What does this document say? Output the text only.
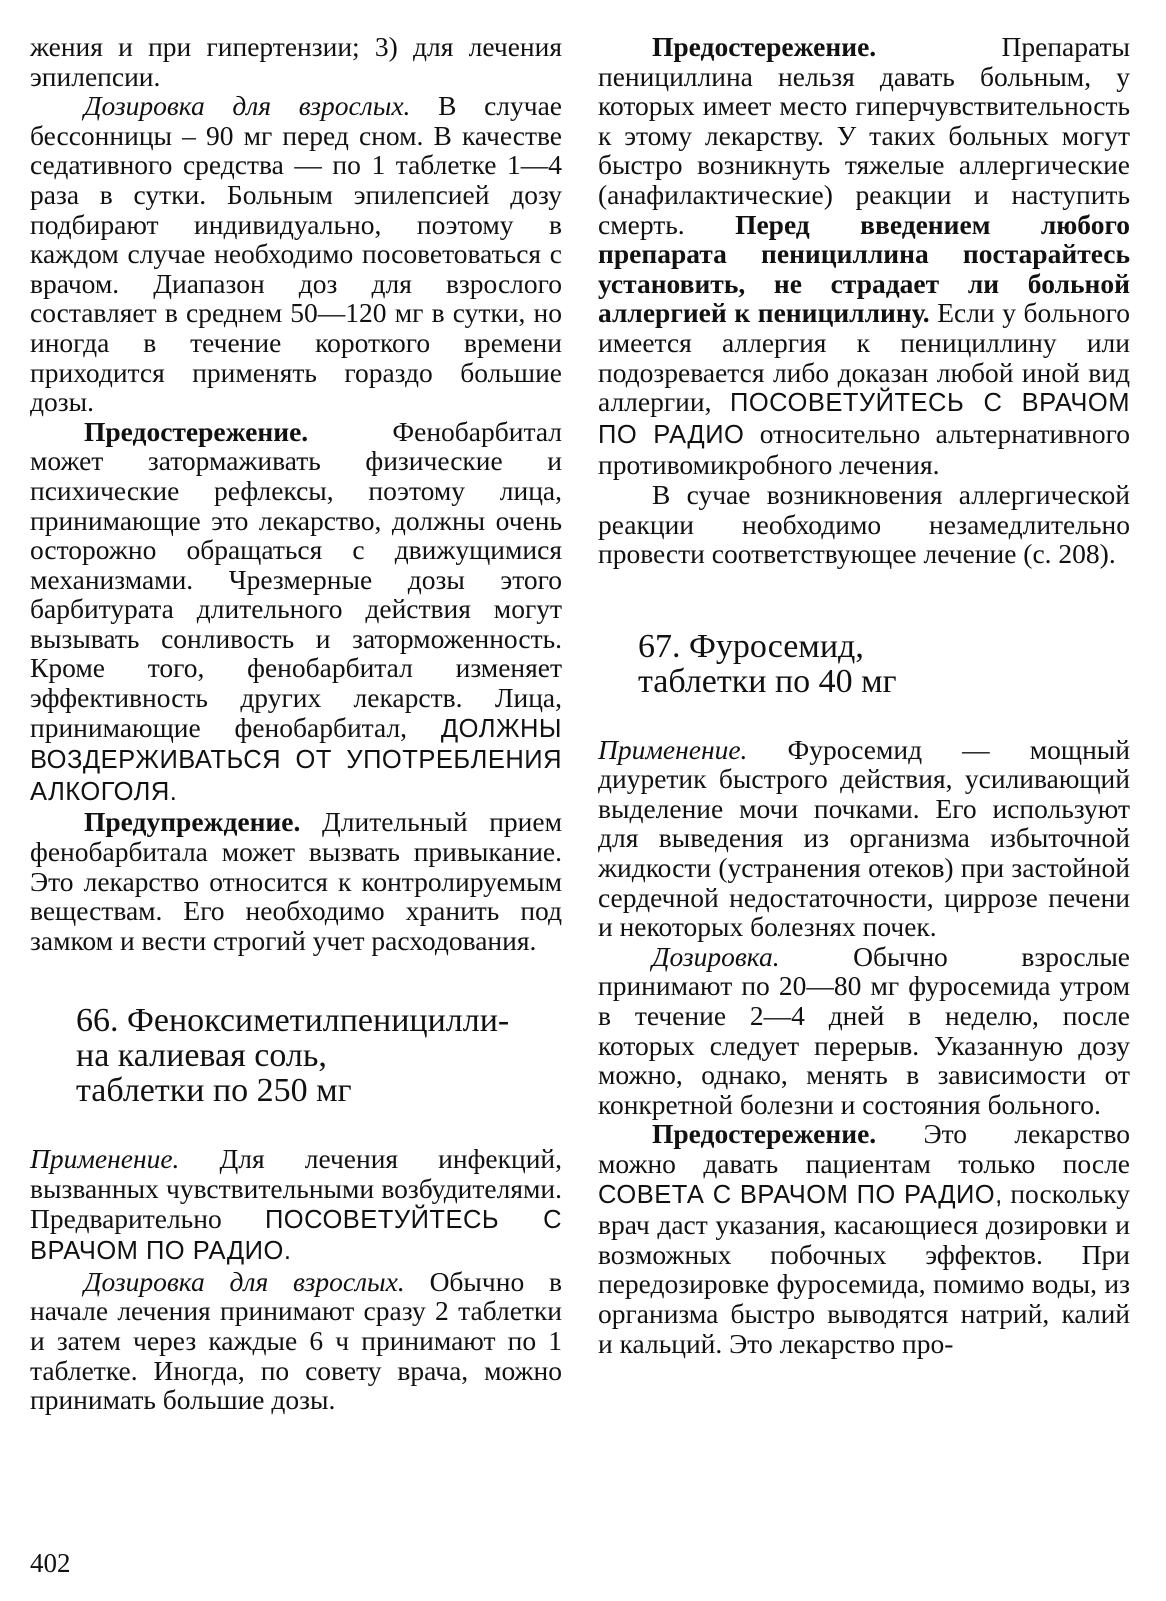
жения и при гипертензии; 3) для лечения эпилепсии.

Дозировка для взрослых. В случае бессонницы – 90 мг перед сном. В качестве седативного средства — по 1 таблетке 1—4 раза в сутки. Больным эпилепсией дозу подбирают индивидуально, поэтому в каждом случае необходимо посоветоваться с врачом. Диапазон доз для взрослого составляет в среднем 50—120 мг в сутки, но иногда в течение короткого времени приходится применять гораздо большие дозы.

Предостережение.	Фенобарбитал может затормаживать физические и психические рефлексы, поэтому лица, принимающие это лекарство, должны очень осторожно обращаться с движущимися механизмами. Чрезмерные дозы этого барбитурата длительного действия могут вызывать сонливость и заторможенность. Кроме того, фенобарбитал изменяет эффективность других лекарств. Лица, принимающие фенобарбитал, ДОЛЖНЫ ВОЗДЕРЖИВАТЬСЯ ОТ УПОТРЕБЛЕНИЯ АЛКОГОЛЯ.

Предупреждение. Длительный прием фенобарбитала может вызвать привыкание. Это лекарство относится к контролируемым веществам. Его необходимо хранить под замком и вести строгий учет расходования.

66. Феноксиметилпеницилли-
на калиевая соль,
таблетки по 250 мг

Применение. Для лечения инфекций, вызванных чувствительными возбудителями. Предварительно ПОСОВЕТУЙТЕСЬ С ВРАЧОМ ПО РАДИО.

Дозировка для взрослых. Обычно в начале лечения принимают сразу 2 таблетки и затем через каждые 6 ч принимают по 1 таблетке. Иногда, по совету врача, можно принимать большие дозы.

Предостережение.	Препараты пенициллина нельзя давать больным, у которых имеет место гиперчувствительность к этому лекарству. У таких больных могут быстро возникнуть тяжелые аллергические (анафилактические) реакции и наступить смерть. Перед введением любого препарата пенициллина постарайтесь установить, не страдает ли больной аллергией к пенициллину. Если у больного имеется аллергия к пенициллину или подозревается либо доказан любой иной вид аллергии, ПОСОВЕТУЙТЕСЬ С ВРАЧОМ ПО РАДИО относительно альтернативного противомикробного лечения.

В сучае возникновения аллергической реакции необходимо незамедлительно провести соответствующее лечение (с. 208).

67. Фуросемид,
таблетки по 40 мг

Применение. Фуросемид — мощный диуретик быстрого действия, усиливающий выделение мочи почками. Его используют для выведения из организма избыточной жидкости (устранения отеков) при застойной сердечной недостаточности, циррозе печени и некоторых болезнях почек.

Дозировка.	Обычно взрослые принимают по 20—80 мг фуросемида утром в течение 2—4 дней в неделю, после которых следует перерыв. Указанную дозу можно, однако, менять в зависимости от конкретной болезни и состояния больного.

Предостережение. Это лекарство можно давать пациентам только после СОВЕТА С ВРАЧОМ ПО РАДИО, поскольку врач даст указания, касающиеся дозировки и возможных побочных эффектов. При передозировке фуросемида, помимо воды, из организма быстро выводятся натрий, калий и кальций. Это лекарство про-

402
